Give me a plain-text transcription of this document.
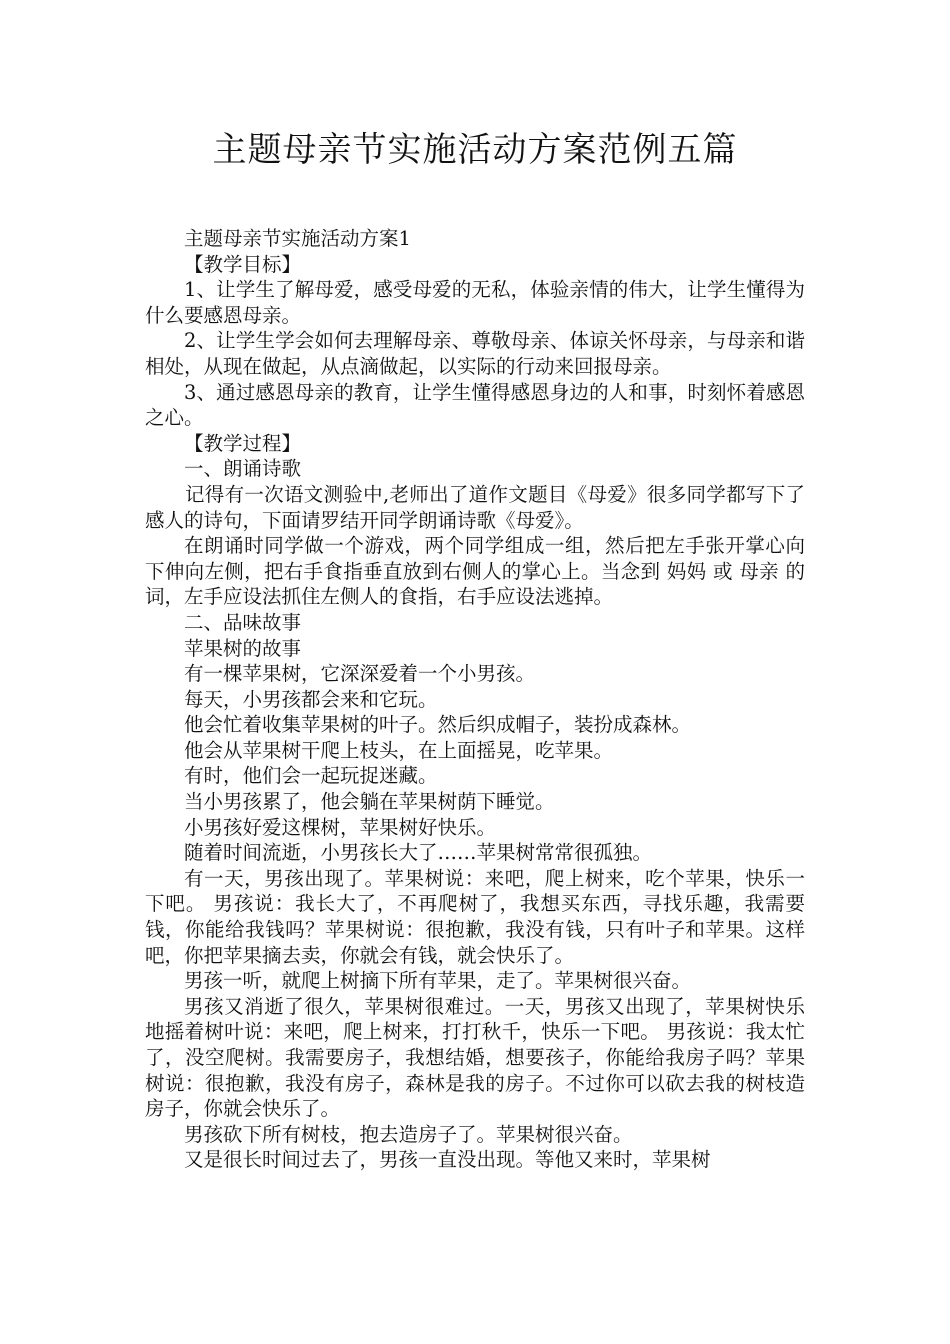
主题母亲节实施活动方案范例五篇

主题母亲节实施活动方案1

【教学目标】

1、让学生了解母爱，感受母爱的无私，体验亲情的伟大，让学生懂得为什么要感恩母亲。

2、让学生学会如何去理解母亲、尊敬母亲、体谅关怀母亲，与母亲和谐相处，从现在做起，从点滴做起，以实际的行动来回报母亲。

3、通过感恩母亲的教育，让学生懂得感恩身边的人和事，时刻怀着感恩之心。

【教学过程】

一、朗诵诗歌

记得有一次语文测验中,老师出了道作文题目《母爱》很多同学都写下了感人的诗句，下面请罗结开同学朗诵诗歌《母爱》。

在朗诵时同学做一个游戏，两个同学组成一组，然后把左手张开掌心向下伸向左侧，把右手食指垂直放到右侧人的掌心上。当念到 妈妈 或 母亲 的词，左手应设法抓住左侧人的食指，右手应设法逃掉。

二、品味故事

苹果树的故事

有一棵苹果树，它深深爱着一个小男孩。

每天，小男孩都会来和它玩。

他会忙着收集苹果树的叶子。然后织成帽子，装扮成森林。

他会从苹果树干爬上枝头，在上面摇晃，吃苹果。

有时，他们会一起玩捉迷藏。

当小男孩累了，他会躺在苹果树荫下睡觉。

小男孩好爱这棵树，苹果树好快乐。

随着时间流逝，小男孩长大了……苹果树常常很孤独。

有一天，男孩出现了。苹果树说：来吧，爬上树来，吃个苹果，快乐一下吧。 男孩说：我长大了，不再爬树了，我想买东西，寻找乐趣，我需要钱，你能给我钱吗？苹果树说：很抱歉，我没有钱，只有叶子和苹果。这样吧，你把苹果摘去卖，你就会有钱，就会快乐了。

男孩一听，就爬上树摘下所有苹果，走了。苹果树很兴奋。

男孩又消逝了很久，苹果树很难过。一天，男孩又出现了，苹果树快乐地摇着树叶说：来吧，爬上树来，打打秋千，快乐一下吧。 男孩说：我太忙了，没空爬树。我需要房子，我想结婚，想要孩子，你能给我房子吗？苹果树说：很抱歉，我没有房子，森林是我的房子。不过你可以砍去我的树枝造房子，你就会快乐了。

男孩砍下所有树枝，抱去造房子了。苹果树很兴奋。

又是很长时间过去了，男孩一直没出现。等他又来时，苹果树
